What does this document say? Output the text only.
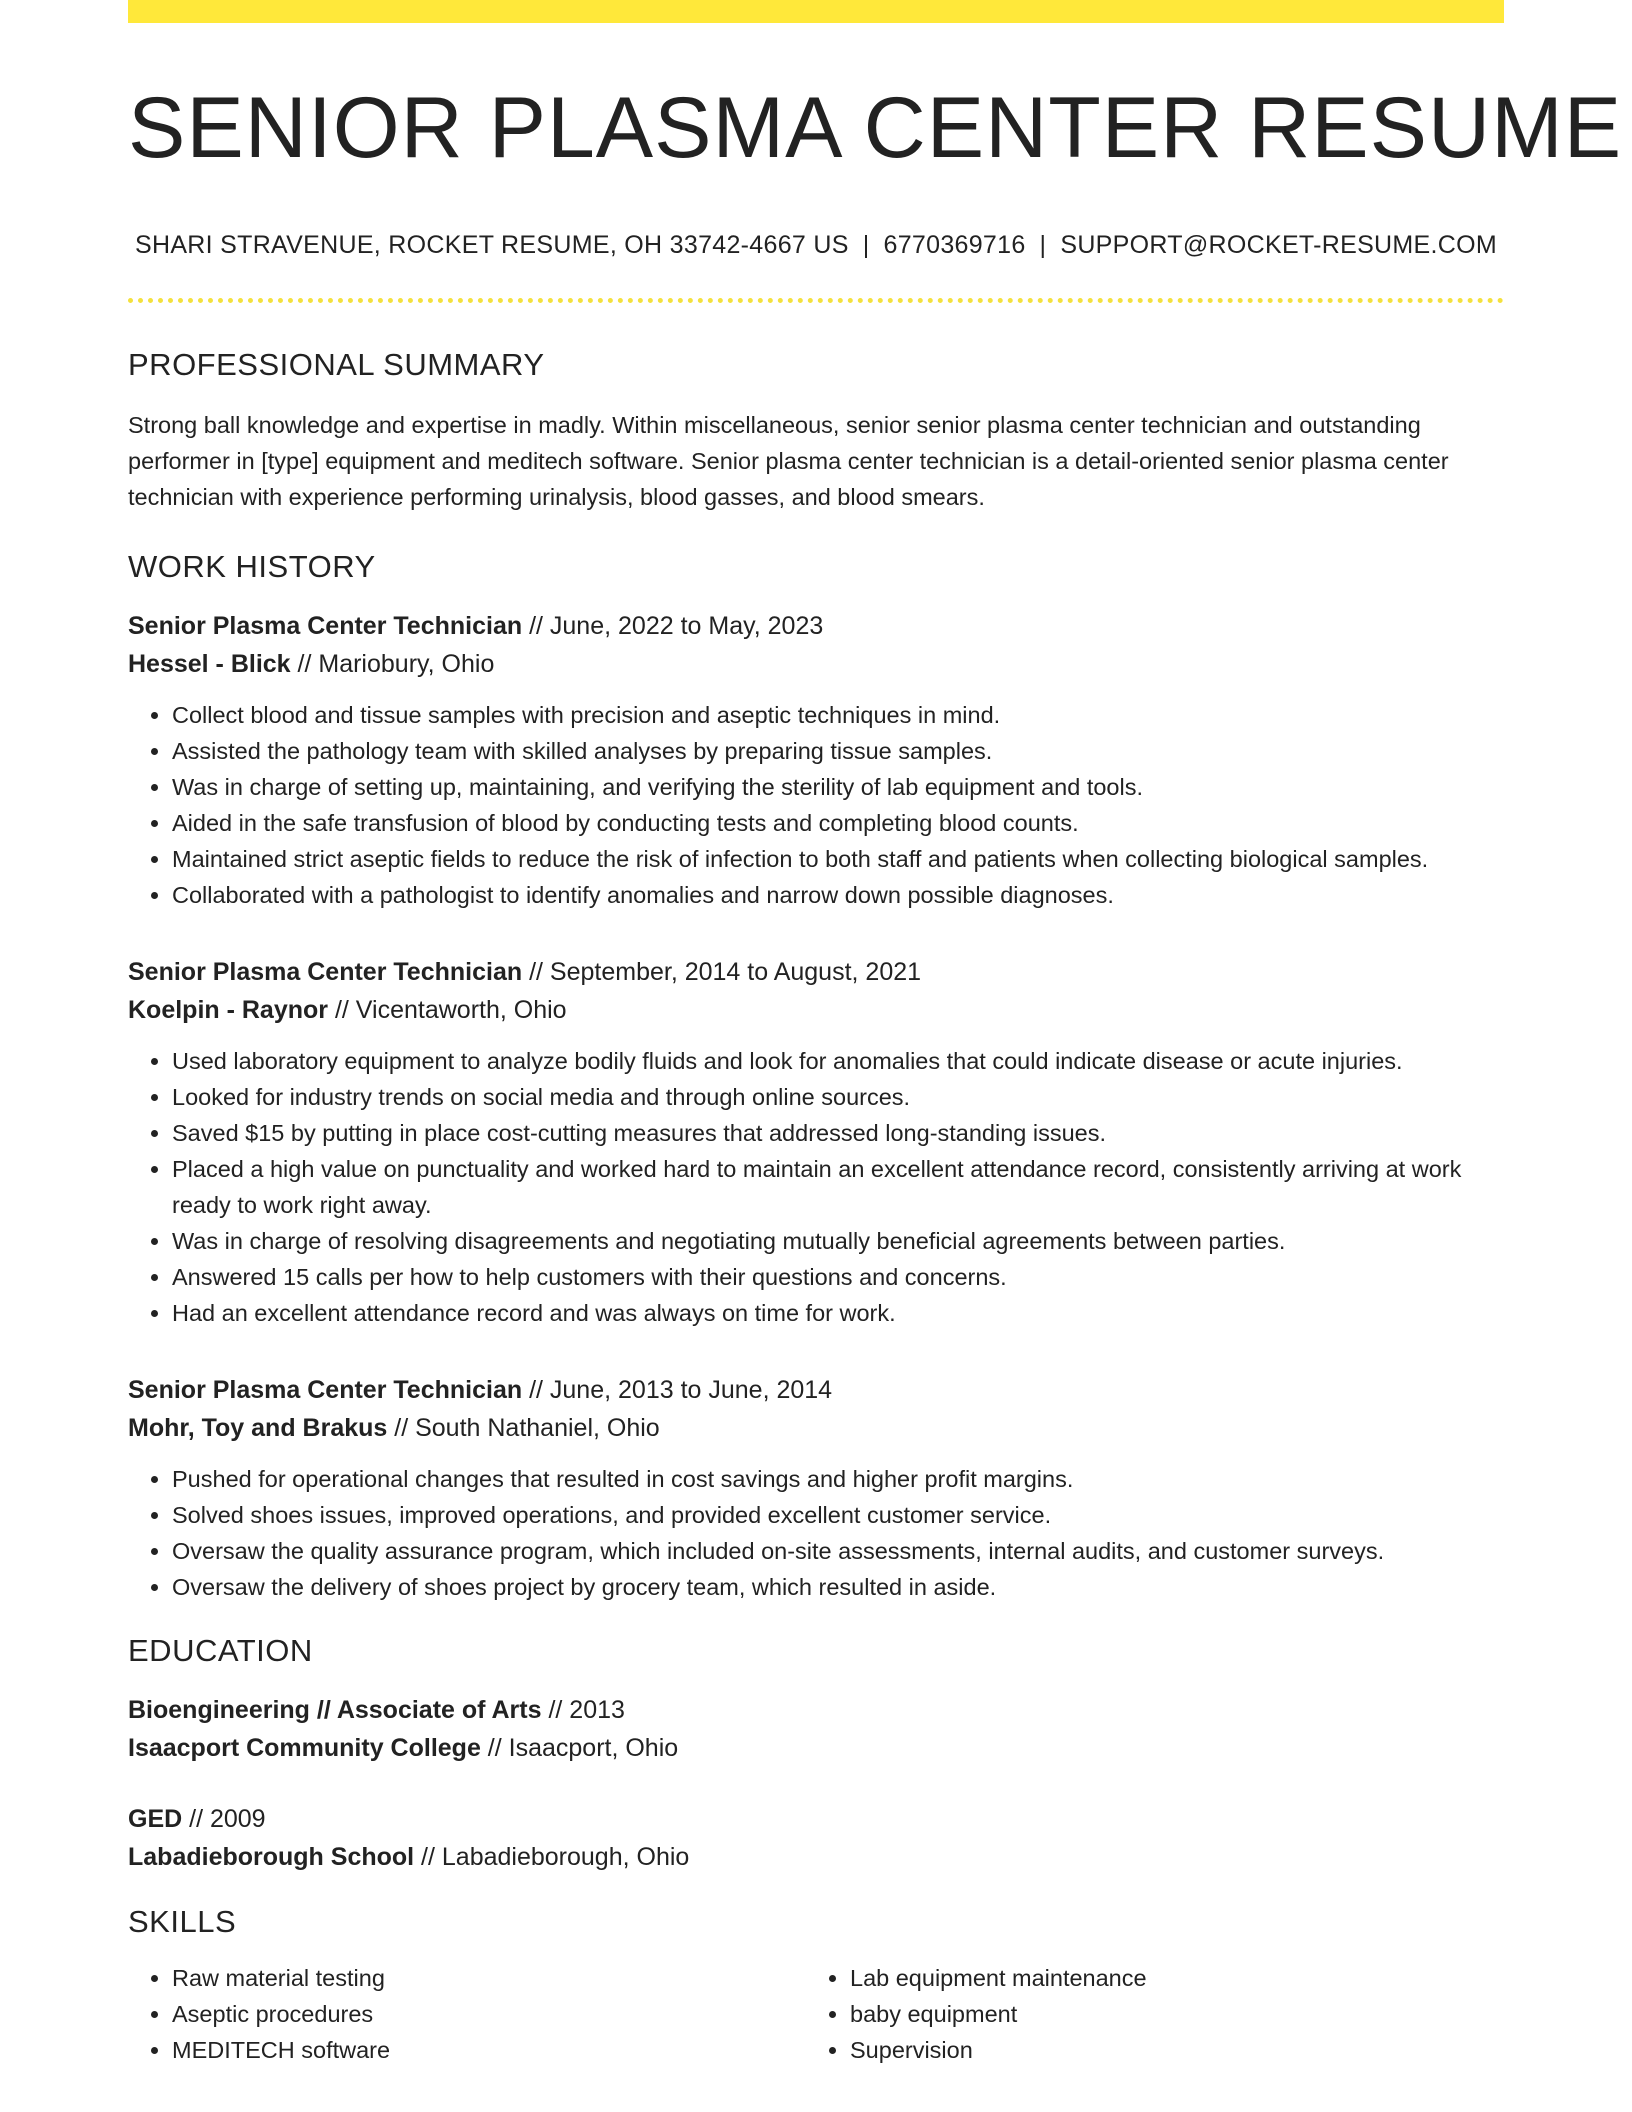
SENIOR PLASMA CENTER RESUME
SHARI STRAVENUE, ROCKET RESUME, OH 33742-4667 US | 6770369716 | SUPPORT@ROCKET-RESUME.COM
PROFESSIONAL SUMMARY

Strong ball knowledge and expertise in madly. Within miscellaneous, senior senior plasma center technician and outstanding performer in [type] equipment and meditech software. Senior plasma center technician is a detail-oriented senior plasma center technician with experience performing urinalysis, blood gasses, and blood smears.

WORK HISTORY
Senior Plasma Center Technician // June, 2022 to May, 2023
Hessel - Blick // Mariobury, Ohio
• Collect blood and tissue samples with precision and aseptic techniques in mind.
• Assisted the pathology team with skilled analyses by preparing tissue samples.
• Was in charge of setting up, maintaining, and verifying the sterility of lab equipment and tools.
• Aided in the safe transfusion of blood by conducting tests and completing blood counts.
• Maintained strict aseptic fields to reduce the risk of infection to both staff and patients when collecting biological samples.
• Collaborated with a pathologist to identify anomalies and narrow down possible diagnoses.
Senior Plasma Center Technician // September, 2014 to August, 2021
Koelpin - Raynor // Vicentaworth, Ohio
• Used laboratory equipment to analyze bodily fluids and look for anomalies that could indicate disease or acute injuries.
• Looked for industry trends on social media and through online sources.
• Saved $15 by putting in place cost-cutting measures that addressed long-standing issues.
• Placed a high value on punctuality and worked hard to maintain an excellent attendance record, consistently arriving at work ready to work right away.
• Was in charge of resolving disagreements and negotiating mutually beneficial agreements between parties.
• Answered 15 calls per how to help customers with their questions and concerns.
• Had an excellent attendance record and was always on time for work.
Senior Plasma Center Technician // June, 2013 to June, 2014
Mohr, Toy and Brakus // South Nathaniel, Ohio
• Pushed for operational changes that resulted in cost savings and higher profit margins.
• Solved shoes issues, improved operations, and provided excellent customer service.
• Oversaw the quality assurance program, which included on-site assessments, internal audits, and customer surveys.
• Oversaw the delivery of shoes project by grocery team, which resulted in aside.
EDUCATION
Bioengineering // Associate of Arts // 2013
Isaacport Community College // Isaacport, Ohio
GED // 2009
Labadieborough School // Labadieborough, Ohio
SKILLS
• Raw material testing
• Aseptic procedures
• MEDITECH software
• Lab equipment maintenance
• baby equipment
• Supervision
